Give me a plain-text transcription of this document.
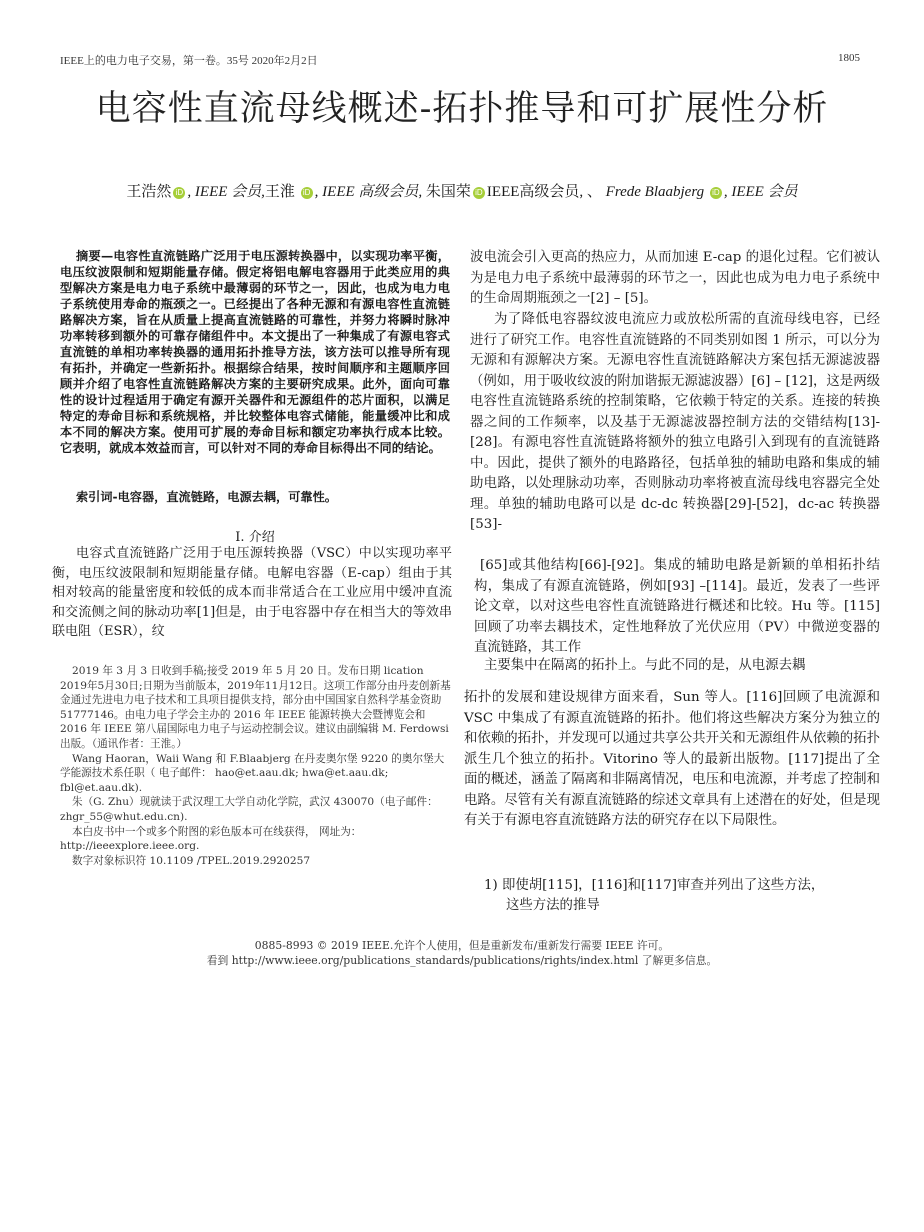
IEEE上的电力电子交易，第一卷。35号 2020年2月2日	1805
电容性直流母线概述-拓扑推导和可扩展性分析
王浩然 iD , IEEE 会员,王淮 iD , IEEE 高级会员, 朱国荣 iD IEEE高级会员, 、 Frede Blaabjerg iD , IEEE 会员
摘要—电容性直流链路广泛用于电压源转换器中，以实现功率平衡，电压纹波限制和短期能量存储。假定将铝电解电容器用于此类应用的典型解决方案是电力电子系统中最薄弱的环节之一，因此，也成为电力电子系统使用寿命的瓶颈之一。已经提出了各种无源和有源电容性直流链路解决方案，旨在从质量上提高直流链路的可靠性，并努力将瞬时脉冲功率转移到额外的可靠存储组件中。本文提出了一种集成了有源电容式直流链的单相功率转换器的通用拓扑推导方法，该方法可以推导所有现有拓扑，并确定一些新拓扑。根据综合结果，按时间顺序和主题顺序回顾并介绍了电容性直流链路解决方案的主要研究成果。此外，面向可靠性的设计过程适用于确定有源开关器件和无源组件的芯片面积，以满足特定的寿命目标和系统规格，并比较整体电容式储能，能量缓冲比和成本不同的解决方案。使用可扩展的寿命目标和额定功率执行成本比较。它表明，就成本效益而言，可以针对不同的寿命目标得出不同的结论。
索引词-电容器，直流链路，电源去耦，可靠性。
I. 介绍

电容式直流链路广泛用于电压源转换器（VSC）中以实现功率平衡，电压纹波限制和短期能量存储。电解电容器（E-cap）组由于其相对较高的能量密度和较低的成本而非常适合在工业应用中缓冲直流和交流侧之间的脉动功率[1]但是，由于电容器中存在相当大的等效串联电阻（ESR），纹

2019 年 3 月 3 日收到手稿;接受 2019 年 5 月 20 日。发布日期 lication 2019年5月30日;日期为当前版本，2019年11月12日。这项工作部分由丹麦创新基金通过先进电力电子技术和工具项目提供支持，部分由中国国家自然科学基金资助 51777146。由电力电子学会主办的 2016 年 IEEE 能源转换大会暨博览会和 2016 年 IEEE 第八届国际电力电子与运动控制会议。建议由副编辑 M. Ferdowsi 出版。（通讯作者：王淮。）

Wang Haoran，Waii Wang 和 F.Blaabjerg 在丹麦奥尔堡 9220 的奥尔堡大学能源技术系任职（ 电子邮件： hao@et.aau.dk; hwa@et.aau.dk; fbl@et.aau.dk).

朱（G. Zhu）现就读于武汉理工大学自动化学院，武汉 430070（电子邮件： zhgr_55@whut.edu.cn).

本白皮书中一个或多个附图的彩色版本可在线获得， 网址为：http://ieeexplore.ieee.org.

数字对象标识符 10.1109 /TPEL.2019.2920257

波电流会引入更高的热应力，从而加速 E-cap 的退化过程。它们被认为是电力电子系统中最薄弱的环节之一，因此也成为电力电子系统中的生命周期瓶颈之一[2] – [5]。

为了降低电容器纹波电流应力或放松所需的直流母线电容，已经进行了研究工作。电容性直流链路的不同类别如图 1 所示，可以分为无源和有源解决方案。无源电容性直流链路解决方案包括无源滤波器（例如，用于吸收纹波的附加谐振无源滤波器）[6] – [12]，这是两级电容性直流链路系统的控制策略，它依赖于特定的关系。连接的转换器之间的工作频率，以及基于无源滤波器控制方法的交错结构[13]-[28]。有源电容性直流链路将额外的独立电路引入到现有的直流链路中。因此，提供了额外的电路路径，包括单独的辅助电路和集成的辅助电路，以处理脉动功率，否则脉动功率将被直流母线电容器完全处理。单独的辅助电路可以是 dc-dc 转换器[29]-[52]，dc-ac 转换器[53]-

[65]或其他结构[66]-[92]。集成的辅助电路是新颖的单相拓扑结构，集成了有源直流链路，例如[93] –[114]。最近，发表了一些评论文章，以对这些电容性直流链路进行概述和比较。Hu 等。[115]回顾了功率去耦技术，定性地释放了光伏应用（PV）中微逆变器的直流链路，其工作

主要集中在隔离的拓扑上。与此不同的是，从电源去耦

拓扑的发展和建设规律方面来看，Sun 等人。[116]回顾了电流源和 VSC 中集成了有源直流链路的拓扑。他们将这些解决方案分为独立的和依赖的拓扑，并发现可以通过共享公共开关和无源组件从依赖的拓扑派生几个独立的拓扑。Vitorino 等人的最新出版物。[117]提出了全面的概述，涵盖了隔离和非隔离情况，电压和电流源，并考虑了控制和电路。尽管有关有源直流链路的综述文章具有上述潜在的好处，但是现有关于有源电容直流链路方法的研究存在以下局限性。

1) 即使胡[115]，[116]和[117]审查并列出了这些方法，

这些方法的推导

0885-8993 © 2019 IEEE.允许个人使用，但是重新发布/重新发行需要 IEEE 许可。

看到 http://www.ieee.org/publications_standards/publications/rights/index.html 了解更多信息。
